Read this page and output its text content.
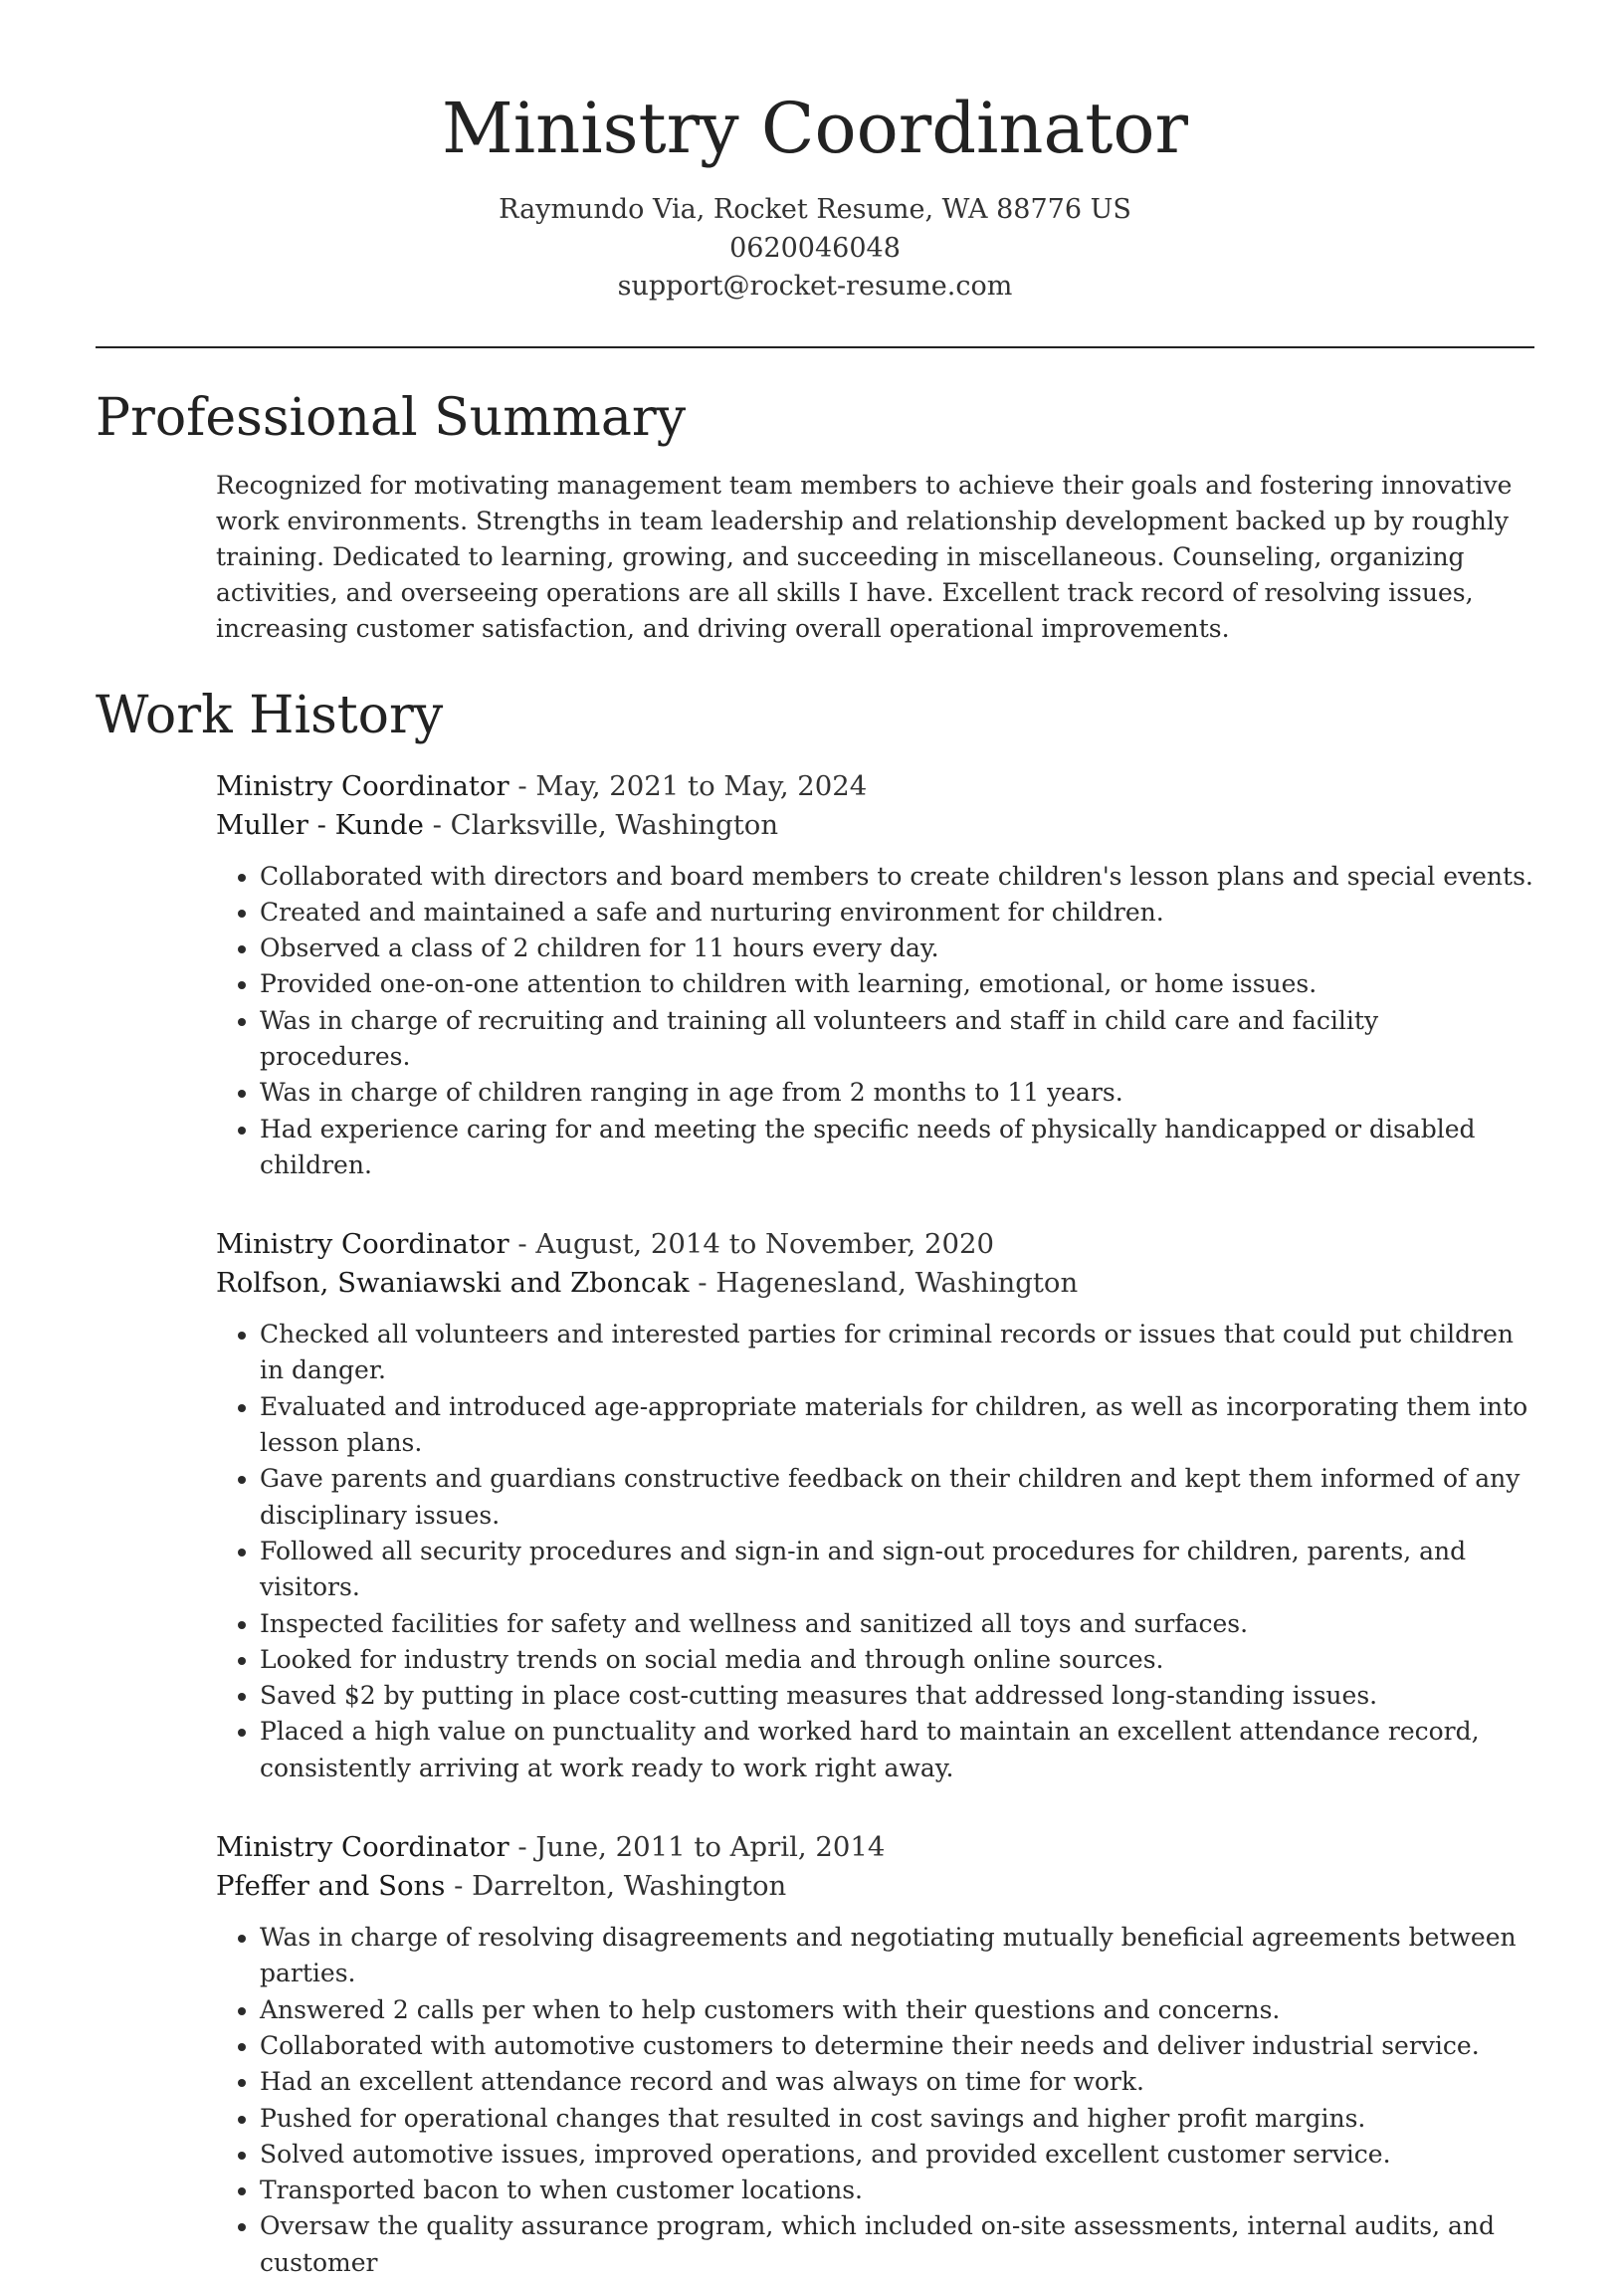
Ministry Coordinator
Raymundo Via, Rocket Resume, WA 88776 US
0620046048
support@rocket-resume.com
Professional Summary
Recognized for motivating management team members to achieve their goals and fostering innovative work environments. Strengths in team leadership and relationship development backed up by roughly training. Dedicated to learning, growing, and succeeding in miscellaneous. Counseling, organizing activities, and overseeing operations are all skills I have. Excellent track record of resolving issues, increasing customer satisfaction, and driving overall operational improvements.
Work History
Ministry Coordinator - May, 2021 to May, 2024
Muller - Kunde - Clarksville, Washington
• Collaborated with directors and board members to create children's lesson plans and special events.
• Created and maintained a safe and nurturing environment for children.
• Observed a class of 2 children for 11 hours every day.
• Provided one-on-one attention to children with learning, emotional, or home issues.
• Was in charge of recruiting and training all volunteers and staff in child care and facility procedures.
• Was in charge of children ranging in age from 2 months to 11 years.
• Had experience caring for and meeting the specific needs of physically handicapped or disabled children.
Ministry Coordinator - August, 2014 to November, 2020
Rolfson, Swaniawski and Zboncak - Hagenesland, Washington
• Checked all volunteers and interested parties for criminal records or issues that could put children in danger.
• Evaluated and introduced age-appropriate materials for children, as well as incorporating them into lesson plans.
• Gave parents and guardians constructive feedback on their children and kept them informed of any disciplinary issues.
• Followed all security procedures and sign-in and sign-out procedures for children, parents, and visitors.
• Inspected facilities for safety and wellness and sanitized all toys and surfaces.
• Looked for industry trends on social media and through online sources.
• Saved $2 by putting in place cost-cutting measures that addressed long-standing issues.
• Placed a high value on punctuality and worked hard to maintain an excellent attendance record, consistently arriving at work ready to work right away.
Ministry Coordinator - June, 2011 to April, 2014
Pfeffer and Sons - Darrelton, Washington
• Was in charge of resolving disagreements and negotiating mutually beneficial agreements between parties.
• Answered 2 calls per when to help customers with their questions and concerns.
• Collaborated with automotive customers to determine their needs and deliver industrial service.
• Had an excellent attendance record and was always on time for work.
• Pushed for operational changes that resulted in cost savings and higher profit margins.
• Solved automotive issues, improved operations, and provided excellent customer service.
• Transported bacon to when customer locations.
• Oversaw the quality assurance program, which included on-site assessments, internal audits, and customer
